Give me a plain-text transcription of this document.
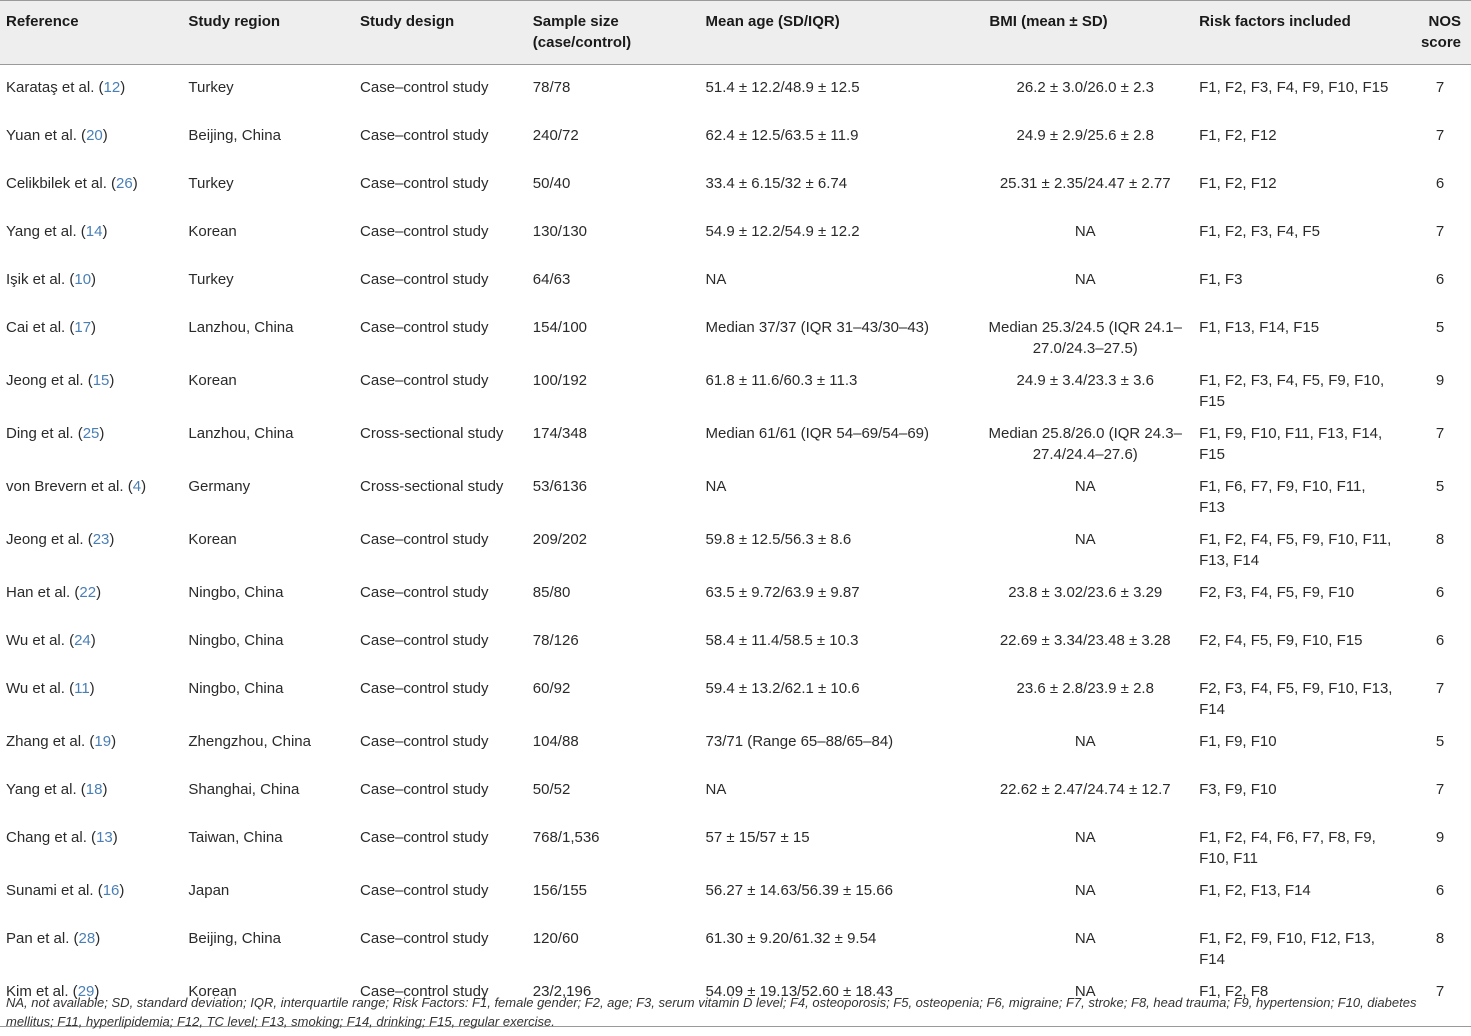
Reference	Study region	Study design	Sample size (case/control)	Mean age (SD/IQR)	BMI (mean ± SD)	Risk factors included	NOS score
Karataş et al. (12)	Turkey	Case–control study	78/78	51.4 ± 12.2/48.9 ± 12.5	26.2 ± 3.0/26.0 ± 2.3	F1, F2, F3, F4, F9, F10, F15	7
Yuan et al. (20)	Beijing, China	Case–control study	240/72	62.4 ± 12.5/63.5 ± 11.9	24.9 ± 2.9/25.6 ± 2.8	F1, F2, F12	7
Celikbilek et al. (26)	Turkey	Case–control study	50/40	33.4 ± 6.15/32 ± 6.74	25.31 ± 2.35/24.47 ± 2.77	F1, F2, F12	6
Yang et al. (14)	Korean	Case–control study	130/130	54.9 ± 12.2/54.9 ± 12.2	NA	F1, F2, F3, F4, F5	7
Işik et al. (10)	Turkey	Case–control study	64/63	NA	NA	F1, F3	6
Cai et al. (17)	Lanzhou, China	Case–control study	154/100	Median 37/37 (IQR 31–43/30–43)	Median 25.3/24.5 (IQR 24.1–27.0/24.3–27.5)	F1, F13, F14, F15	5
Jeong et al. (15)	Korean	Case–control study	100/192	61.8 ± 11.6/60.3 ± 11.3	24.9 ± 3.4/23.3 ± 3.6	F1, F2, F3, F4, F5, F9, F10, F15	9
Ding et al. (25)	Lanzhou, China	Cross-sectional study	174/348	Median 61/61 (IQR 54–69/54–69)	Median 25.8/26.0 (IQR 24.3–27.4/24.4–27.6)	F1, F9, F10, F11, F13, F14, F15	7
von Brevern et al. (4)	Germany	Cross-sectional study	53/6136	NA	NA	F1, F6, F7, F9, F10, F11, F13	5
Jeong et al. (23)	Korean	Case–control study	209/202	59.8 ± 12.5/56.3 ± 8.6	NA	F1, F2, F4, F5, F9, F10, F11, F13, F14	8
Han et al. (22)	Ningbo, China	Case–control study	85/80	63.5 ± 9.72/63.9 ± 9.87	23.8 ± 3.02/23.6 ± 3.29	F2, F3, F4, F5, F9, F10	6
Wu et al. (24)	Ningbo, China	Case–control study	78/126	58.4 ± 11.4/58.5 ± 10.3	22.69 ± 3.34/23.48 ± 3.28	F2, F4, F5, F9, F10, F15	6
Wu et al. (11)	Ningbo, China	Case–control study	60/92	59.4 ± 13.2/62.1 ± 10.6	23.6 ± 2.8/23.9 ± 2.8	F2, F3, F4, F5, F9, F10, F13, F14	7
Zhang et al. (19)	Zhengzhou, China	Case–control study	104/88	73/71 (Range 65–88/65–84)	NA	F1, F9, F10	5
Yang et al. (18)	Shanghai, China	Case–control study	50/52	NA	22.62 ± 2.47/24.74 ± 12.7	F3, F9, F10	7
Chang et al. (13)	Taiwan, China	Case–control study	768/1,536	57 ± 15/57 ± 15	NA	F1, F2, F4, F6, F7, F8, F9, F10, F11	9
Sunami et al. (16)	Japan	Case–control study	156/155	56.27 ± 14.63/56.39 ± 15.66	NA	F1, F2, F13, F14	6
Pan et al. (28)	Beijing, China	Case–control study	120/60	61.30 ± 9.20/61.32 ± 9.54	NA	F1, F2, F9, F10, F12, F13, F14	8
Kim et al. (29)	Korean	Case–control study	23/2,196	54.09 ± 19.13/52.60 ± 18.43	NA	F1, F2, F8	7
NA, not available; SD, standard deviation; IQR, interquartile range; Risk Factors: F1, female gender; F2, age; F3, serum vitamin D level; F4, osteoporosis; F5, osteopenia; F6, migraine; F7, stroke; F8, head trauma; F9, hypertension; F10, diabetes mellitus; F11, hyperlipidemia; F12, TC level; F13, smoking; F14, drinking; F15, regular exercise.
